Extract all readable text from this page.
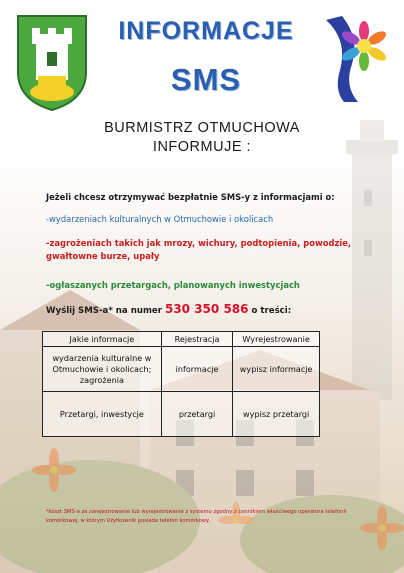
INFORMACJE
SMS
BURMISTRZ OTMUCHOWA
INFORMUJE :
Jeżeli chcesz otrzymywać bezpłatnie SMS-y z informacjami o:
-wydarzeniach kulturalnych w Otmuchowie i okolicach
-zagrożeniach takich jak mrozy, wichury, podtopienia, powodzie, gwałtowne burze, upały
-ogłaszanych przetargach, planowanych inwestycjach
Wyślij SMS-a* na numer 530 350 586 o treści:
Jakie informacje	Rejestracja	Wyrejestrowanie
wydarzenia kulturalne w Otmuchowie i okolicach; zagrożenia	informacje	wypisz informacje
Przetargi, inwestycje	przetargi	wypisz przetargi
*koszt SMS-a za zarejestrowanie lub wyrejestrowanie z systemu zgodny z cennikiem właściwego operatora telefonii komórkowej, w którym Użytkownik posiada telefon komórkowy.
